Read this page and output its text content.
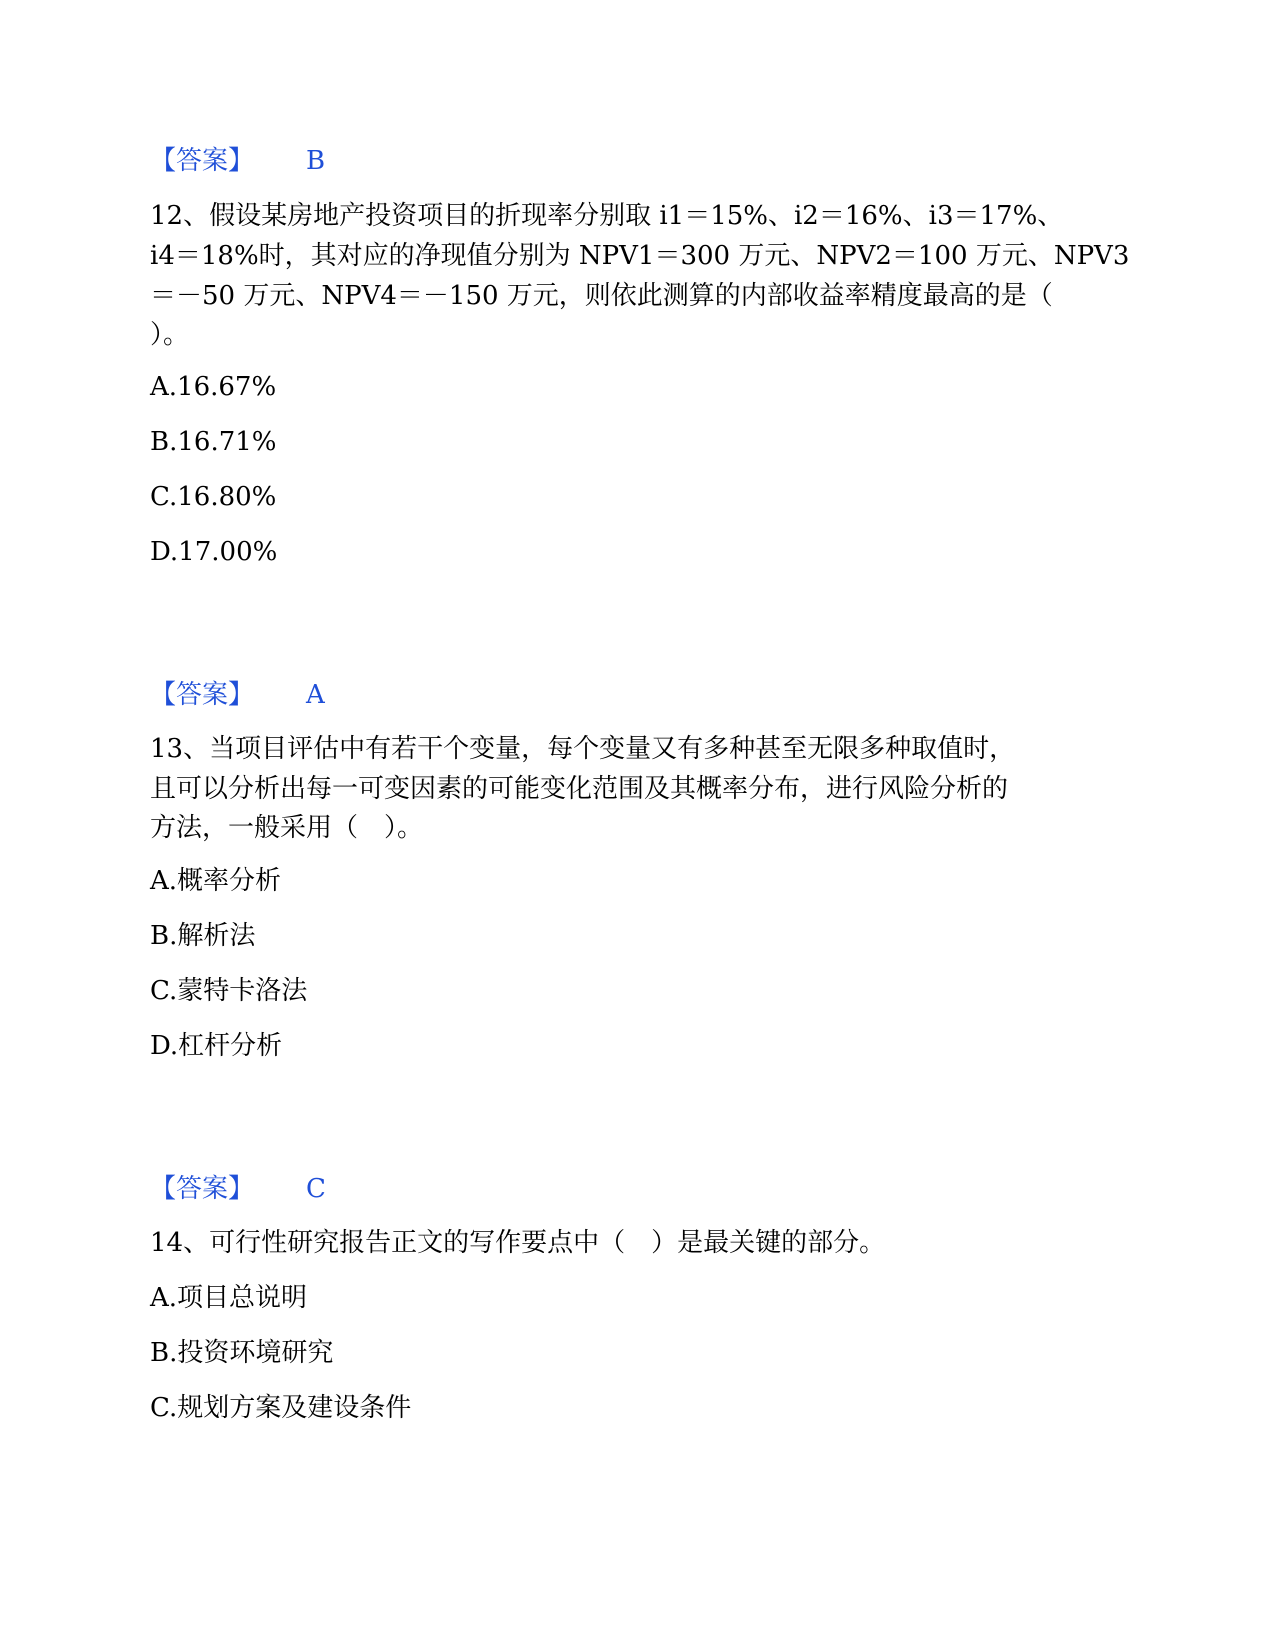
【答案】 B
12、假设某房地产投资项目的折现率分别取 i1＝15%、i2＝16%、i3＝17%、
i4＝18%时，其对应的净现值分别为 NPV1＝300 万元、NPV2＝100 万元、NPV3
＝－50 万元、NPV4＝－150 万元，则依此测算的内部收益率精度最高的是（
）。
A.16.67%
B.16.71%
C.16.80%
D.17.00%
【答案】 A
13、当项目评估中有若干个变量，每个变量又有多种甚至无限多种取值时，
且可以分析出每一可变因素的可能变化范围及其概率分布，进行风险分析的
方法，一般采用（　）。
A.概率分析
B.解析法
C.蒙特卡洛法
D.杠杆分析
【答案】 C
14、可行性研究报告正文的写作要点中（　）是最关键的部分。
A.项目总说明
B.投资环境研究
C.规划方案及建设条件
